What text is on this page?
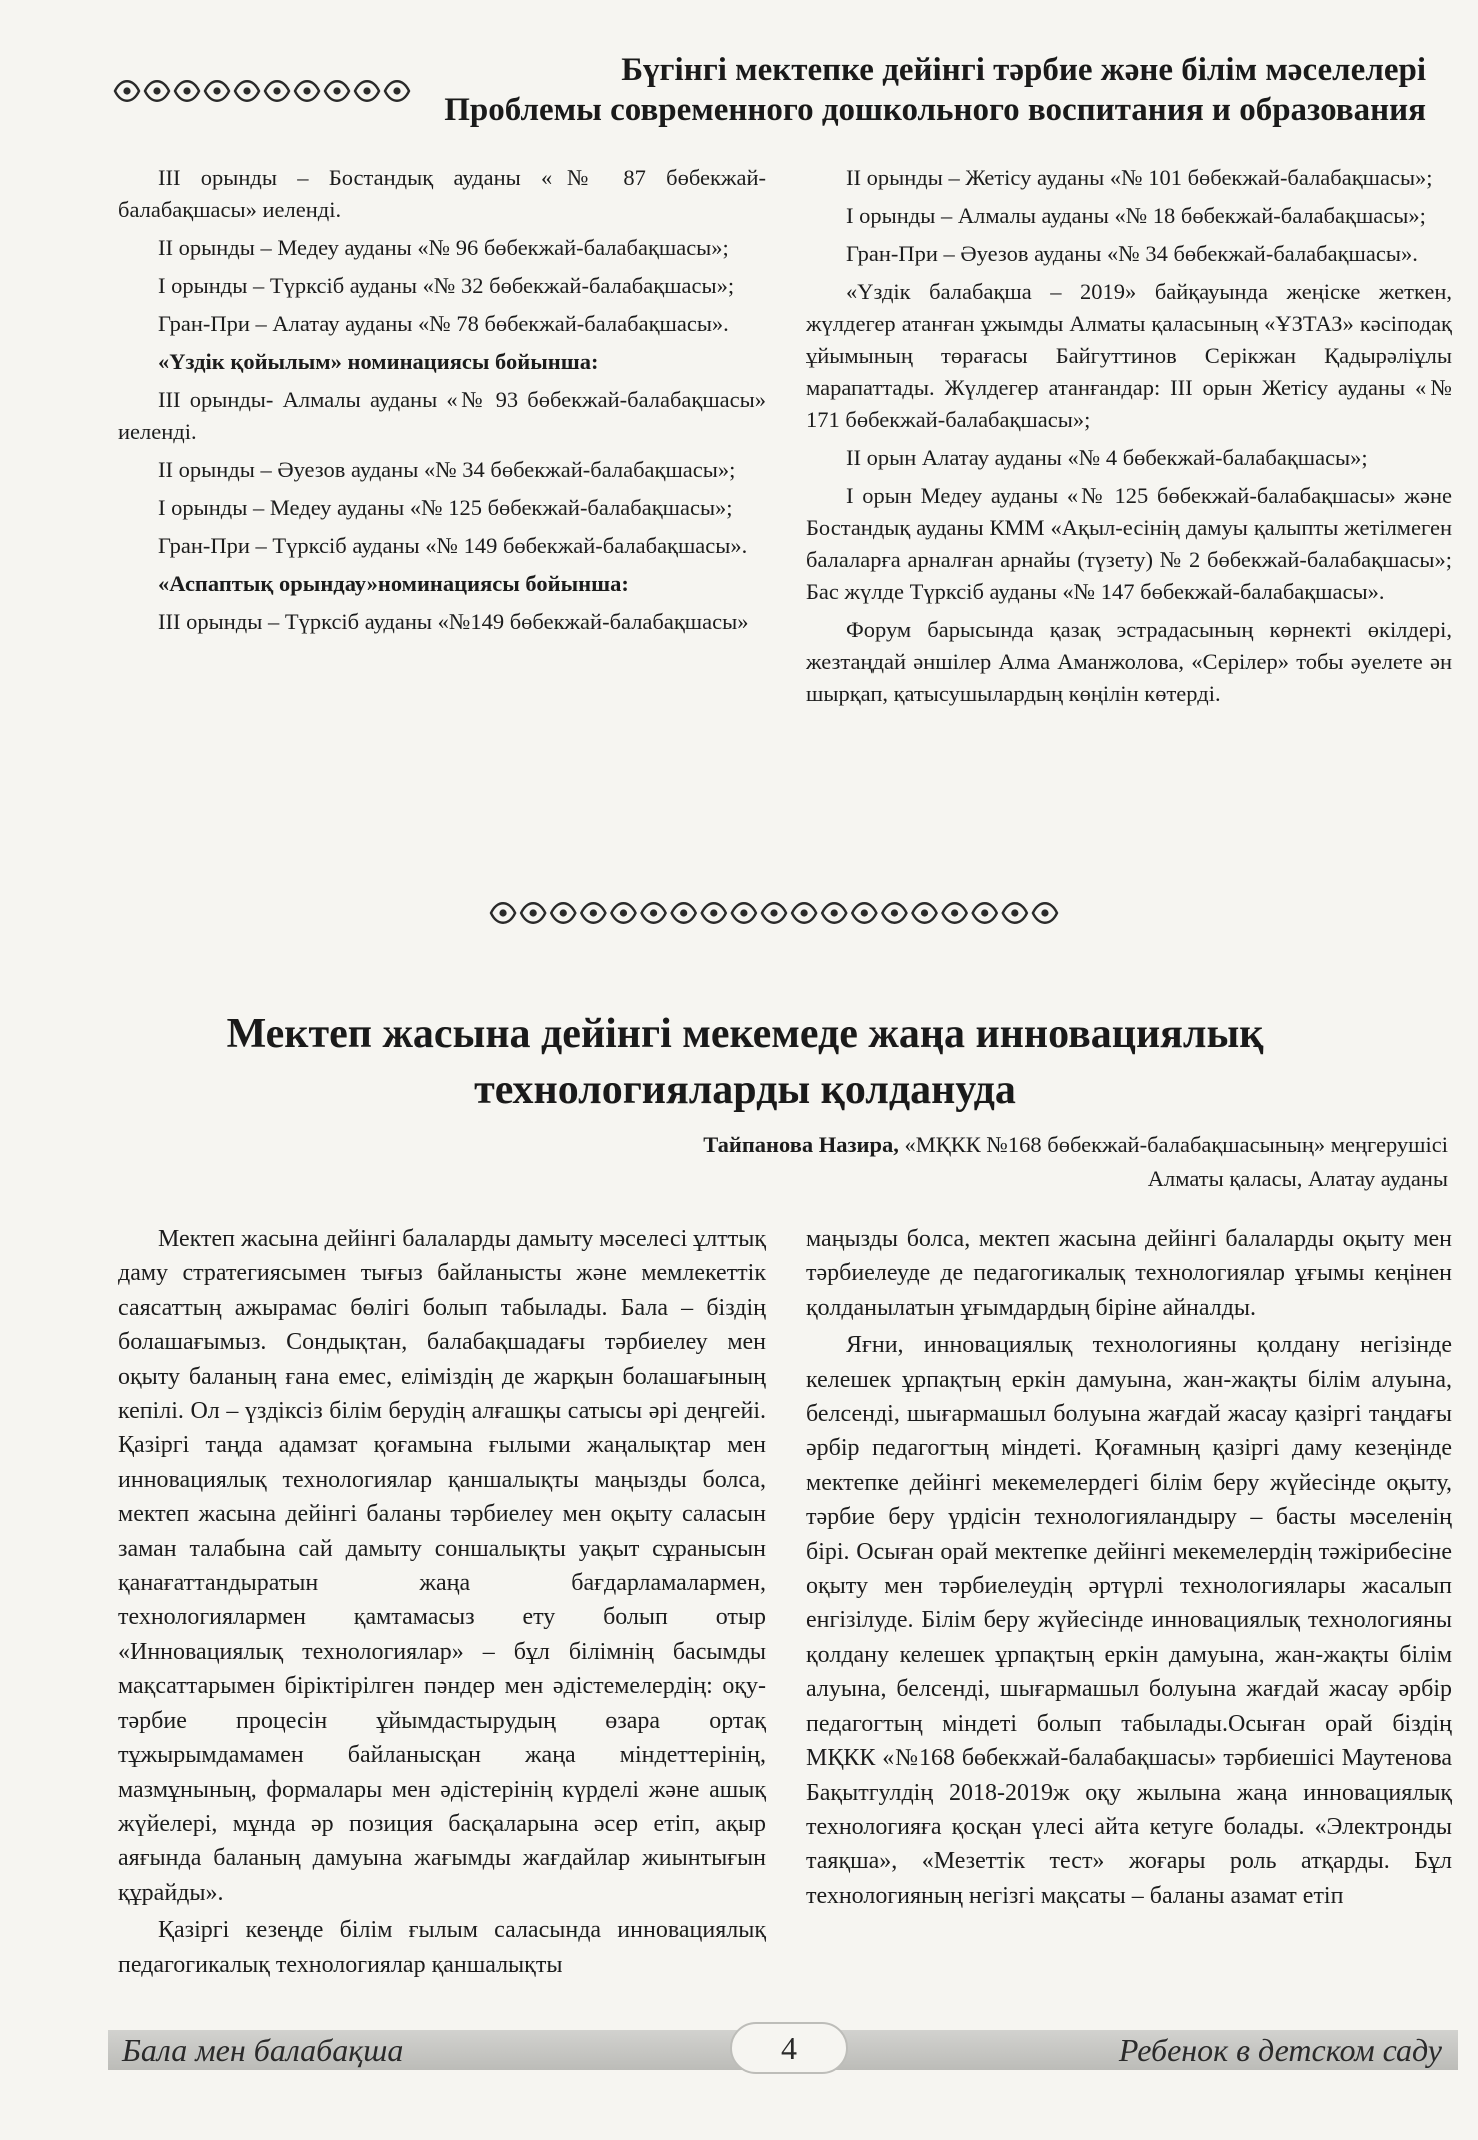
Бүгінгі мектепке дейінгі тәрбие және білім мәселелері
Проблемы современного дошкольного воспитания и образования

III орынды – Бостандық ауданы «№ 87 бөбекжай-балабақшасы» иеленді.

II орынды – Медеу ауданы «№ 96 бөбекжай-балабақшасы»;

I орынды – Түрксіб ауданы «№ 32 бөбекжай-балабақшасы»;

Гран-При – Алатау ауданы «№ 78 бөбекжай-балабақшасы».

«Үздік қойылым» номинациясы бойынша:

III орынды- Алмалы ауданы «№ 93 бөбекжай-балабақшасы» иеленді.

II орынды – Әуезов ауданы «№ 34 бөбекжай-балабақшасы»;

I орынды – Медеу ауданы «№ 125 бөбекжай-балабақшасы»;

Гран-При – Түрксіб ауданы «№ 149 бөбекжай-балабақшасы».

«Аспаптық орындау»номинациясы бойынша:

III орынды – Түрксіб ауданы «№149 бөбекжай-балабақшасы»

II орынды – Жетісу ауданы «№ 101 бөбекжай-балабақшасы»;

I орынды – Алмалы ауданы «№ 18 бөбекжай-балабақшасы»;

Гран-При – Әуезов ауданы «№ 34 бөбекжай-балабақшасы».

«Үздік балабақша – 2019» байқауында жеңіске жеткен, жүлдегер атанған ұжымды Алматы қаласының «ҰЗТАЗ» кәсіподақ ұйымының төрағасы Байгуттинов Серікжан Қадырәліұлы марапаттады. Жүлдегер атанғандар: III орын Жетісу ауданы «№ 171 бөбекжай-балабақшасы»;

II орын Алатау ауданы «№ 4 бөбекжай-балабақшасы»;

I орын Медеу ауданы «№ 125 бөбекжай-балабақшасы» және Бостандық ауданы КММ «Ақыл-есінің дамуы қалыпты жетілмеген балаларға арналған арнайы (түзету) № 2 бөбекжай-балабақшасы»; Бас жүлде Түрксіб ауданы «№ 147 бөбекжай-балабақшасы».

Форум барысында қазақ эстрадасының көрнекті өкілдері, жезтаңдай әншілер Алма Аманжолова, «Серілер» тобы әуелете ән шырқап, қатысушылардың көңілін көтерді.

Мектеп жасына дейінгі мекемеде жаңа инновациялық
технологияларды қолдануда
Тайпанова Назира, «МҚКК №168 бөбекжай-балабақшасының» меңгерушісі
Алматы қаласы, Алатау ауданы

Мектеп жасына дейінгі балаларды дамыту мәселесі ұлттық даму стратегиясымен тығыз байланысты және мемлекеттік саясаттың ажырамас бөлігі болып табылады. Бала – біздің болашағымыз. Сондықтан, балабақшадағы тәрбиелеу мен оқыту баланың ғана емес, еліміздің де жарқын болашағының кепілі. Ол – үздіксіз білім берудің алғашқы сатысы әрі деңгейі. Қазіргі таңда адамзат қоғамына ғылыми жаңалықтар мен инновациялық технологиялар қаншалықты маңызды болса, мектеп жасына дейінгі баланы тәрбиелеу мен оқыту саласын заман талабына сай дамыту соншалықты уақыт сұранысын қанағаттандыратын жаңа бағдарламалармен, технологиялармен қамтамасыз ету болып отыр «Инновациялық технологиялар» – бұл білімнің басымды мақсаттарымен біріктірілген пәндер мен әдістемелердің: оқу-тәрбие процесін ұйымдастырудың өзара ортақ тұжырымдамамен байланысқан жаңа міндеттерінің, мазмұнының, формалары мен әдістерінің күрделі және ашық жүйелері, мұнда әр позиция басқаларына әсер етіп, ақыр аяғында баланың дамуына жағымды жағдайлар жиынтығын құрайды».

Қазіргі кезеңде білім ғылым саласында инновациялық педагогикалық технологиялар қаншалықты

маңызды болса, мектеп жасына дейінгі балаларды оқыту мен тәрбиелеуде де педагогикалық технологиялар ұғымы кеңінен қолданылатын ұғымдардың біріне айналды.

Яғни, инновациялық технологияны қолдану негізінде келешек ұрпақтың еркін дамуына, жан-жақты білім алуына, белсенді, шығармашыл болуына жағдай жасау қазіргі таңдағы әрбір педагогтың міндеті. Қоғамның қазіргі даму кезеңінде мектепке дейінгі мекемелердегі білім беру жүйесінде оқыту, тәрбие беру үрдісін технологияландыру – басты мәселенің бірі. Осыған орай мектепке дейінгі мекемелердің тәжірибесіне оқыту мен тәрбиелеудің әртүрлі технологиялары жасалып енгізілуде. Білім беру жүйесінде инновациялық технологияны қолдану келешек ұрпақтың еркін дамуына, жан-жақты білім алуына, белсенді, шығармашыл болуына жағдай жасау әрбір педагогтың міндеті болып табылады.Осыған орай біздің МҚКК «№168 бөбекжай-балабақшасы» тәрбиешісі Маутенова Бақытгулдің 2018-2019ж оқу жылына жаңа инновациялық технологияға қосқан үлесі айта кетуге болады. «Электронды таяқша», «Мезеттік тест» жоғары роль атқарды. Бұл технологияның негізгі мақсаты – баланы азамат етіп

Бала мен балабақша	4	Ребенок в детском саду
